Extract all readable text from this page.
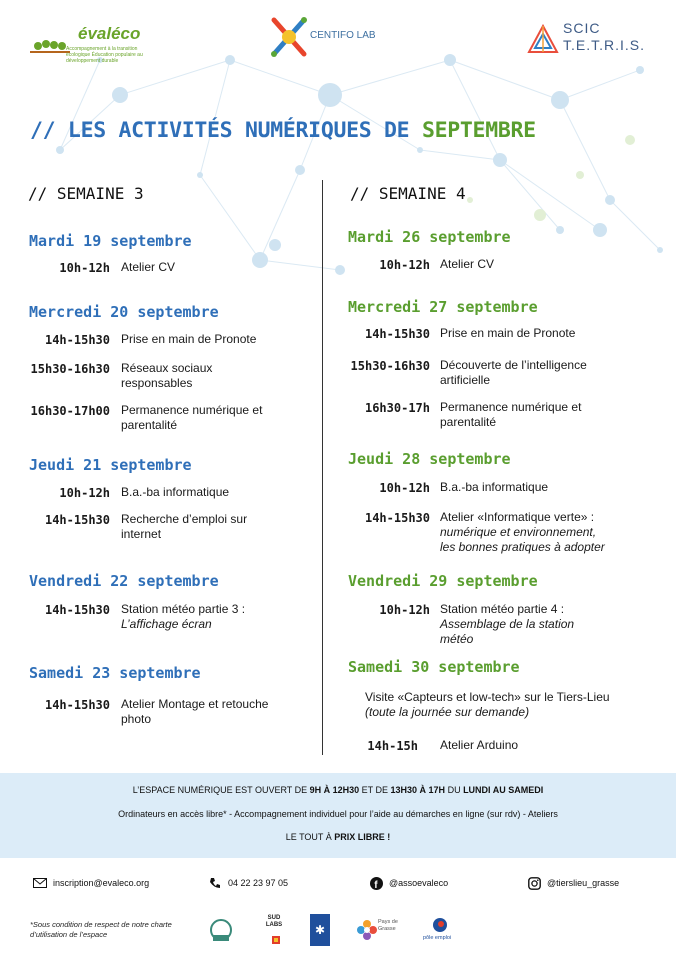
évaléco
Accompagnement à la transition écologique Éducation populaire au développement durable
CENTIFO LAB	SCIC
T.E.T.R.I.S.
// LES ACTIVITÉS NUMÉRIQUES DE SEPTEMBRE
// SEMAINE 3
Mardi 19 septembre
10h-12h Atelier CV
Mercredi 20 septembre
14h-15h30 Prise en main de Pronote
15h30-16h30 Réseaux sociaux
responsables
16h30-17h00 Permanence numérique et
parentalité
Jeudi 21 septembre
10h-12h B.a.-ba informatique
14h-15h30 Recherche d’emploi sur
internet
Vendredi 22 septembre
14h-15h30 Station météo partie 3 :
L’affichage écran
Samedi 23 septembre
14h-15h30 Atelier Montage et retouche
photo
// SEMAINE 4
Mardi 26 septembre
10h-12h Atelier CV
Mercredi 27 septembre
14h-15h30 Prise en main de Pronote
15h30-16h30 Découverte de l’intelligence
artificielle
16h30-17h Permanence numérique et
parentalité
Jeudi 28 septembre
10h-12h B.a.-ba informatique
14h-15h30 Atelier «Informatique verte» :
numérique et environnement,
les bonnes pratiques à adopter
Vendredi 29 septembre
10h-12h Station météo partie 4 :
Assemblage de la station
météo
Samedi 30 septembre
Visite «Capteurs et low-tech» sur le Tiers-Lieu
(toute la journée sur demande)
14h-15h Atelier Arduino

L’ESPACE NUMÉRIQUE EST OUVERT DE 9H À 12H30 ET DE 13H30 À 17H DU LUNDI AU SAMEDI

Ordinateurs en accès libre* - Accompagnement individuel pour l’aide au démarches en ligne (sur rdv) - Ateliers

LE TOUT À PRIX LIBRE !

inscription@evaleco.org	04 22 23 97 05	f @assoevaleco	@tierslieu_grasse
*Sous condition de respect de notre charte d’utilisation de l’espace
SUD LABS	✱
Pays de Grasse
pôle emploi
